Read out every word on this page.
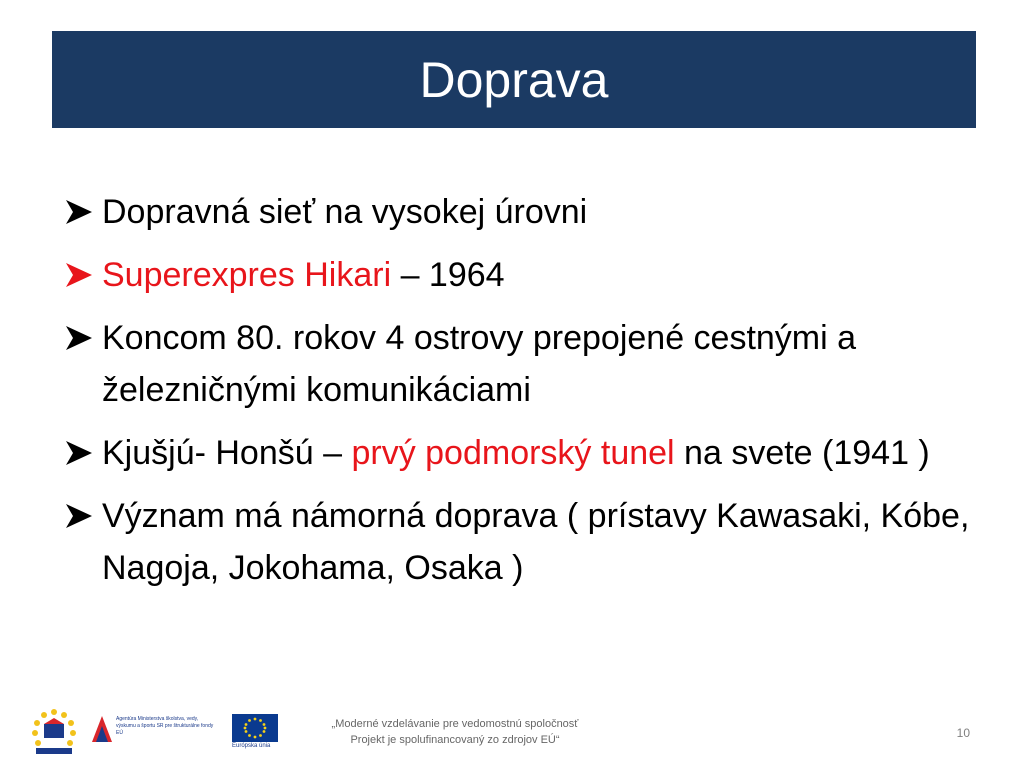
Doprava
Dopravná sieť na vysokej úrovni
Superexpres Hikari – 1964
Koncom 80. rokov 4 ostrovy prepojené cestnými a železničnými komunikáciami
Kjušjú- Honšú – prvý podmorský tunel na svete (1941 )
Význam má námorná doprava ( prístavy Kawasaki, Kóbe, Nagoja, Jokohama, Osaka )
Agentúra Ministerstva školstva, vedy, výskumu a športu SR pre štrukturálne fondy EÚ
Európska únia
„Moderné vzdelávanie pre vedomostnú spoločnosť
Projekt je spolufinancovaný zo zdrojov EÚ“	10
